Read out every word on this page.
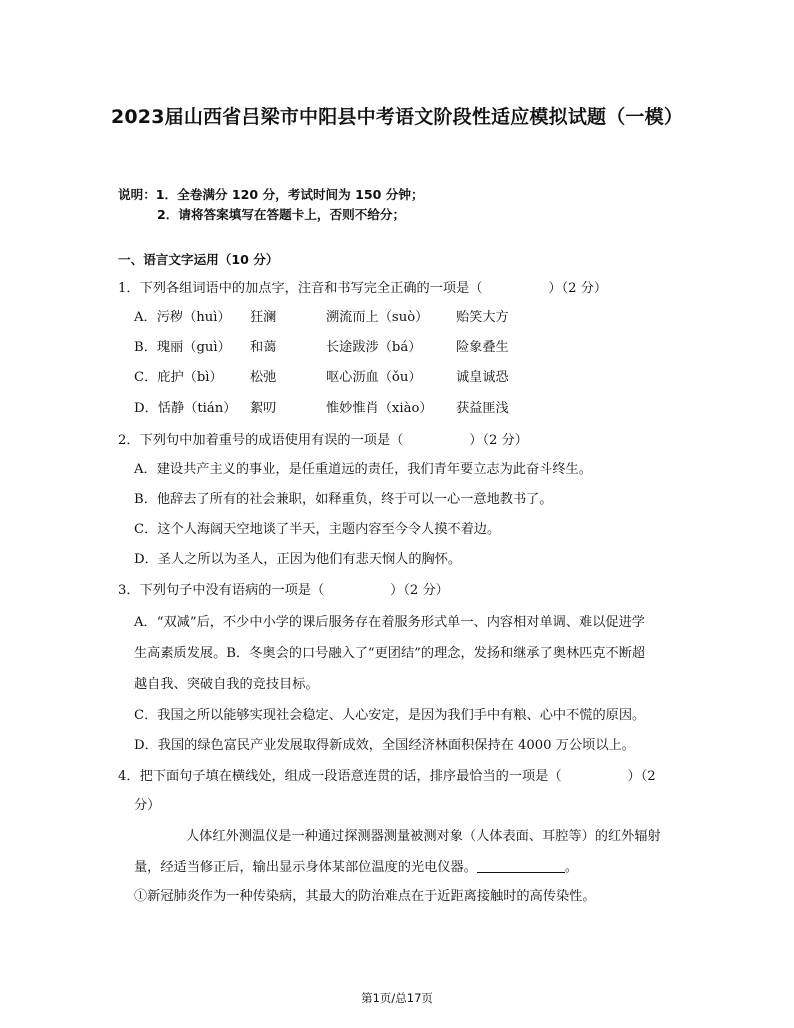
2023届山西省吕梁市中阳县中考语文阶段性适应模拟试题（一模）
说明：1．全卷满分 120 分，考试时间为 150 分钟；
2．请将答案填写在答题卡上，否则不给分；
一、语言文字运用（10 分）
1．下列各组词语中的加点字，注音和书写完全正确的一项是（　　　　　）（2 分）
A．污秽（huì） 狂澜	溯流而上（suò） 贻笑大方
B．瑰丽（guì） 和蔼	长途跋涉（bá）	险象叠生
C．庇护（bì） 松弛	呕心沥血（ǒu）	诚皇诚恐
D．恬静（tián） 絮叨	惟妙惟肖（xiào） 获益匪浅
2．下列句中加着重号的成语使用有误的一项是（　　　　　）（2 分）
A．建设共产主义的事业，是任重道远的责任，我们青年要立志为此奋斗终生。
B．他辞去了所有的社会兼职，如释重负，终于可以一心一意地教书了。
C．这个人海阔天空地谈了半天，主题内容至今令人摸不着边。
D．圣人之所以为圣人，正因为他们有悲天悯人的胸怀。
3．下列句子中没有语病的一项是（　　　　　）（2 分）
A．“双减”后，不少中小学的课后服务存在着服务形式单一、内容相对单调、难以促进学
生高素质发展。B．冬奥会的口号融入了“更团结”的理念，发扬和继承了奥林匹克不断超
越自我、突破自我的竞技目标。
C．我国之所以能够实现社会稳定、人心安定，是因为我们手中有粮、心中不慌的原因。
D．我国的绿色富民产业发展取得新成效，全国经济林面积保持在 4000 万公顷以上。
4．把下面句子填在横线处，组成一段语意连贯的话，排序最恰当的一项是（　　　　　）（2
分）
人体红外测温仪是一种通过探测器测量被测对象（人体表面、耳腔等）的红外辐射
量，经适当修正后，输出显示身体某部位温度的光电仪器。	。
①新冠肺炎作为一种传染病，其最大的防治难点在于近距离接触时的高传染性。
第1页/总17页
